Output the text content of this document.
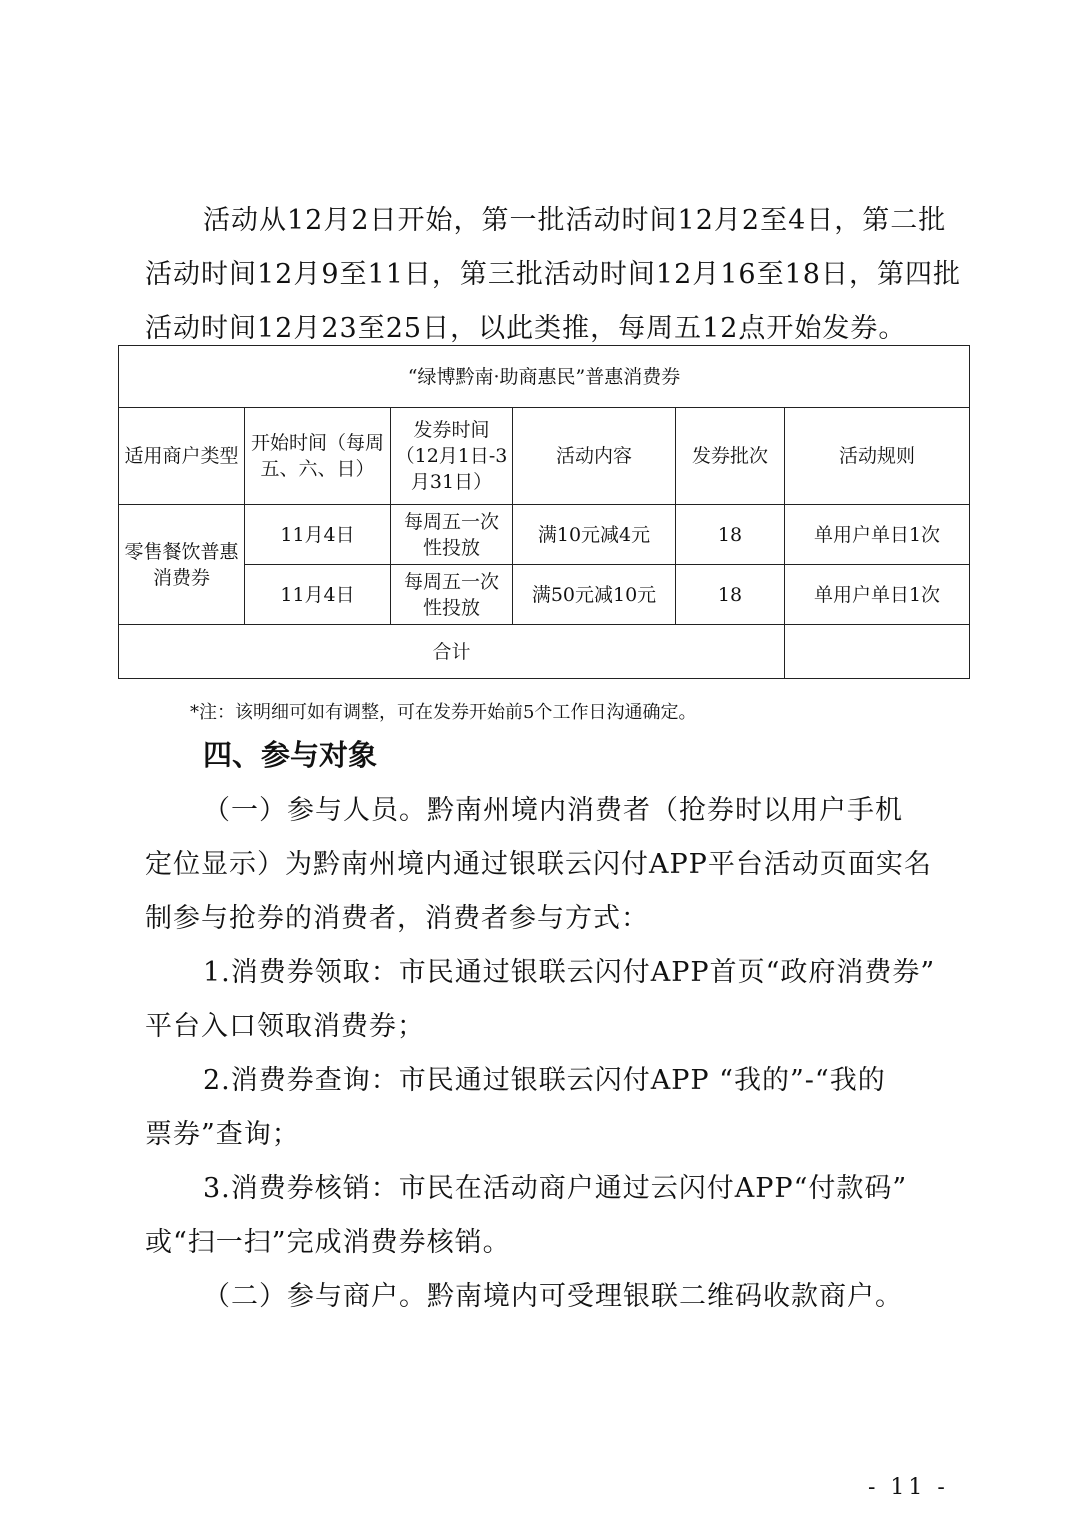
活动从12月2日开始，第一批活动时间12月2至4日，第二批
活动时间12月9至11日，第三批活动时间12月16至18日，第四批
活动时间12月23至25日，以此类推，每周五12点开始发券。
“绿博黔南·助商惠民”普惠消费券					
适用商户类型	开始时间（每周五、六、日）	发券时间（12月1日-3月31日）	活动内容	发券批次	活动规则
零售餐饮普惠消费券	11月4日	每周五一次性投放	满10元减4元	18	单用户单日1次
	11月4日	每周五一次性投放	满50元减10元	18	单用户单日1次
合计					

*注：该明细可如有调整，可在发券开始前5个工作日沟通确定。

四、参与对象
（一）参与人员。黔南州境内消费者（抢券时以用户手机
定位显示）为黔南州境内通过银联云闪付APP平台活动页面实名
制参与抢券的消费者，消费者参与方式：
1.消费券领取：市民通过银联云闪付APP首页“政府消费券”
平台入口领取消费券；
2.消费券查询：市民通过银联云闪付APP “我的”-“我的
票券”查询；
3.消费券核销：市民在活动商户通过云闪付APP“付款码”
或“扫一扫”完成消费券核销。
（二）参与商户。黔南境内可受理银联二维码收款商户。

- 11 -
